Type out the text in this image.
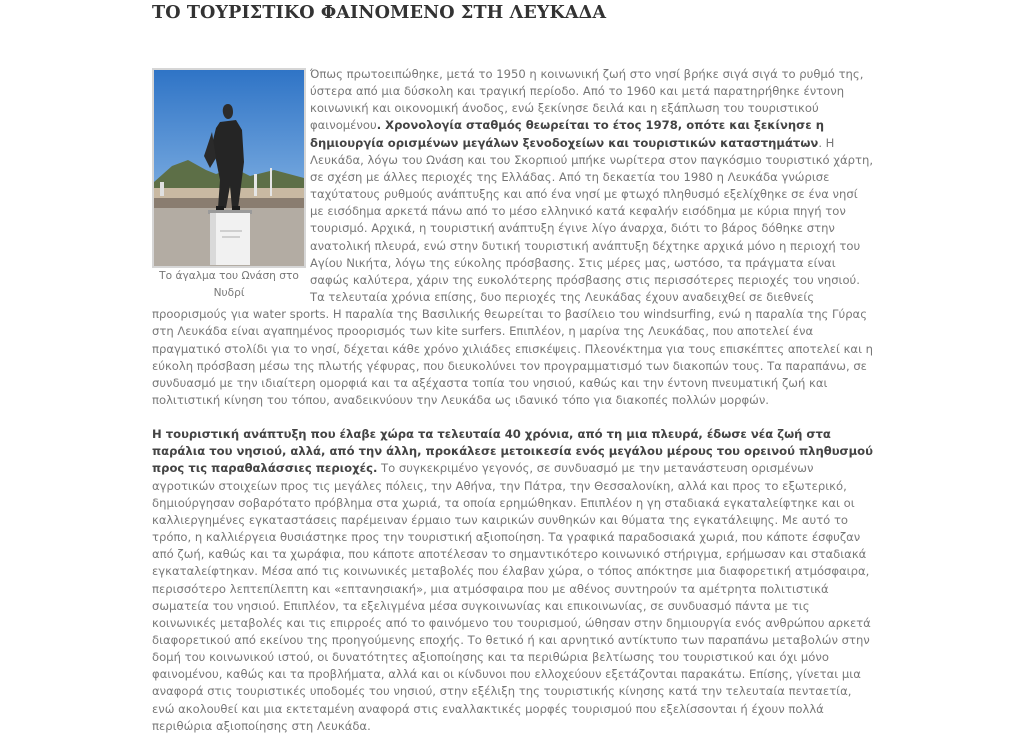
ΤΟ ΤΟΥΡΙΣΤΙΚΟ ΦΑΙΝΟΜΕΝΟ ΣΤΗ ΛΕΥΚΑΔΑ

Το άγαλμα του Ωνάση στο Νυδρί

Όπως πρωτοειπώθηκε, μετά το 1950 η κοινωνική ζωή στο νησί βρήκε σιγά σιγά το ρυθμό της, ύστερα από μια δύσκολη και τραγική περίοδο. Από το 1960 και μετά παρατηρήθηκε έντονη κοινωνική και οικονομική άνοδος, ενώ ξεκίνησε δειλά και η εξάπλωση του τουριστικού φαινομένου. Χρονολογία σταθμός θεωρείται το έτος 1978, οπότε και ξεκίνησε η δημιουργία ορισμένων μεγάλων ξενοδοχείων και τουριστικών καταστημάτων. Η Λευκάδα, λόγω του Ωνάση και του Σκορπιού μπήκε νωρίτερα στον παγκόσμιο τουριστικό χάρτη, σε σχέση με άλλες περιοχές της Ελλάδας. Από τη δεκαετία του 1980 η Λευκάδα γνώρισε ταχύτατους ρυθμούς ανάπτυξης και από ένα νησί με φτωχό πληθυσμό εξελίχθηκε σε ένα νησί με εισόδημα αρκετά πάνω από το μέσο ελληνικό κατά κεφαλήν εισόδημα με κύρια πηγή τον τουρισμό. Αρχικά, η τουριστική ανάπτυξη έγινε λίγο άναρχα, διότι το βάρος δόθηκε στην ανατολική πλευρά, ενώ στην δυτική τουριστική ανάπτυξη δέχτηκε αρχικά μόνο η περιοχή του Αγίου Νικήτα, λόγω της εύκολης πρόσβασης. Στις μέρες μας, ωστόσο, τα πράγματα είναι σαφώς καλύτερα, χάριν της ευκολότερης πρόσβασης στις περισσότερες περιοχές του νησιού. Τα τελευταία χρόνια επίσης, δυο περιοχές της Λευκάδας έχουν αναδειχθεί σε διεθνείς προορισμούς για water sports. Η παραλία της Βασιλικής θεωρείται το βασίλειο του windsurfing, ενώ η παραλία της Γύρας στη Λευκάδα είναι αγαπημένος προορισμός των kite surfers. Επιπλέον, η μαρίνα της Λευκάδας, που αποτελεί ένα πραγματικό στολίδι για το νησί, δέχεται κάθε χρόνο χιλιάδες επισκέψεις. Πλεονέκτημα για τους επισκέπτες αποτελεί και η εύκολη πρόσβαση μέσω της πλωτής γέφυρας, που διευκολύνει τον προγραμματισμό των διακοπών τους. Τα παραπάνω, σε συνδυασμό με την ιδιαίτερη ομορφιά και τα αξέχαστα τοπία του νησιού, καθώς και την έντονη πνευματική ζωή και πολιτιστική κίνηση του τόπου, αναδεικνύουν την Λευκάδα ως ιδανικό τόπο για διακοπές πολλών μορφών.

Η τουριστική ανάπτυξη που έλαβε χώρα τα τελευταία 40 χρόνια, από τη μια πλευρά, έδωσε νέα ζωή στα παράλια του νησιού, αλλά, από την άλλη, προκάλεσε μετοικεσία ενός μεγάλου μέρους του ορεινού πληθυσμού προς τις παραθαλάσσιες περιοχές. Το συγκεκριμένο γεγονός, σε συνδυασμό με την μετανάστευση ορισμένων αγροτικών στοιχείων προς τις μεγάλες πόλεις, την Αθήνα, την Πάτρα, την Θεσσαλονίκη, αλλά και προς το εξωτερικό, δημιούργησαν σοβαρότατο πρόβλημα στα χωριά, τα οποία ερημώθηκαν. Επιπλέον η γη σταδιακά εγκαταλείφτηκε και οι καλλιεργημένες εγκαταστάσεις παρέμειναν έρμαιο των καιρικών συνθηκών και θύματα της εγκατάλειψης. Με αυτό το τρόπο, η καλλιέργεια θυσιάστηκε προς την τουριστική αξιοποίηση. Τα γραφικά παραδοσιακά χωριά, που κάποτε έσφυζαν από ζωή, καθώς και τα χωράφια, που κάποτε αποτέλεσαν το σημαντικότερο κοινωνικό στήριγμα, ερήμωσαν και σταδιακά εγκαταλείφτηκαν. Μέσα από τις κοινωνικές μεταβολές που έλαβαν χώρα, ο τόπος απόκτησε μια διαφορετική ατμόσφαιρα, περισσότερο λεπτεπίλεπτη και «επτανησιακή», μια ατμόσφαιρα που με αθένος συντηρούν τα αμέτρητα πολιτιστικά σωματεία του νησιού. Επιπλέον, τα εξελιγμένα μέσα συγκοινωνίας και επικοινωνίας, σε συνδυασμό πάντα με τις κοινωνικές μεταβολές και τις επιρροές από το φαινόμενο του τουρισμού, ώθησαν στην δημιουργία ενός ανθρώπου αρκετά διαφορετικού από εκείνου της προηγούμενης εποχής. Το θετικό ή και αρνητικό αντίκτυπο των παραπάνω μεταβολών στην δομή του κοινωνικού ιστού, οι δυνατότητες αξιοποίησης και τα περιθώρια βελτίωσης του τουριστικού και όχι μόνο φαινομένου, καθώς και τα προβλήματα, αλλά και οι κίνδυνοι που ελλοχεύουν εξετάζονται παρακάτω. Επίσης, γίνεται μια αναφορά στις τουριστικές υποδομές του νησιού, στην εξέλιξη της τουριστικής κίνησης κατά την τελευταία πενταετία, ενώ ακολουθεί και μια εκτεταμένη αναφορά στις εναλλακτικές μορφές τουρισμού που εξελίσσονται ή έχουν πολλά περιθώρια αξιοποίησης στη Λευκάδα.
